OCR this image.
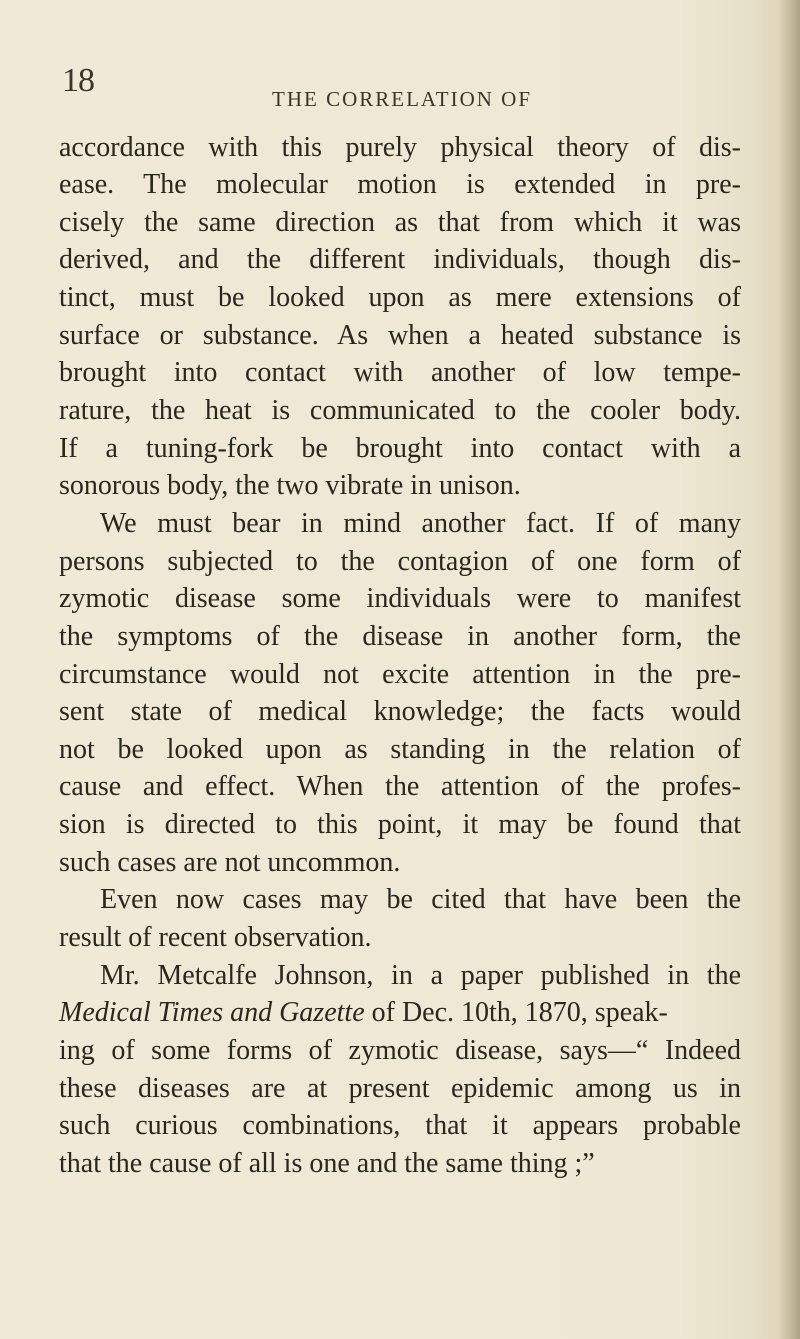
18	THE CORRELATION OF
accordance with this purely physical theory of dis-
ease. The molecular motion is extended in pre-
cisely the same direction as that from which it was
derived, and the different individuals, though dis-
tinct, must be looked upon as mere extensions of
surface or substance. As when a heated substance is
brought into contact with another of low tempe-
rature, the heat is communicated to the cooler body.
If a tuning-fork be brought into contact with a
sonorous body, the two vibrate in unison.
We must bear in mind another fact. If of many
persons subjected to the contagion of one form of
zymotic disease some individuals were to manifest
the symptoms of the disease in another form, the
circumstance would not excite attention in the pre-
sent state of medical knowledge; the facts would
not be looked upon as standing in the relation of
cause and effect. When the attention of the profes-
sion is directed to this point, it may be found that
such cases are not uncommon.
Even now cases may be cited that have been the
result of recent observation.
Mr. Metcalfe Johnson, in a paper published in the
Medical Times and Gazette of Dec. 10th, 1870, speak-
ing of some forms of zymotic disease, says—“ Indeed
these diseases are at present epidemic among us in
such curious combinations, that it appears probable
that the cause of all is one and the same thing ;”
